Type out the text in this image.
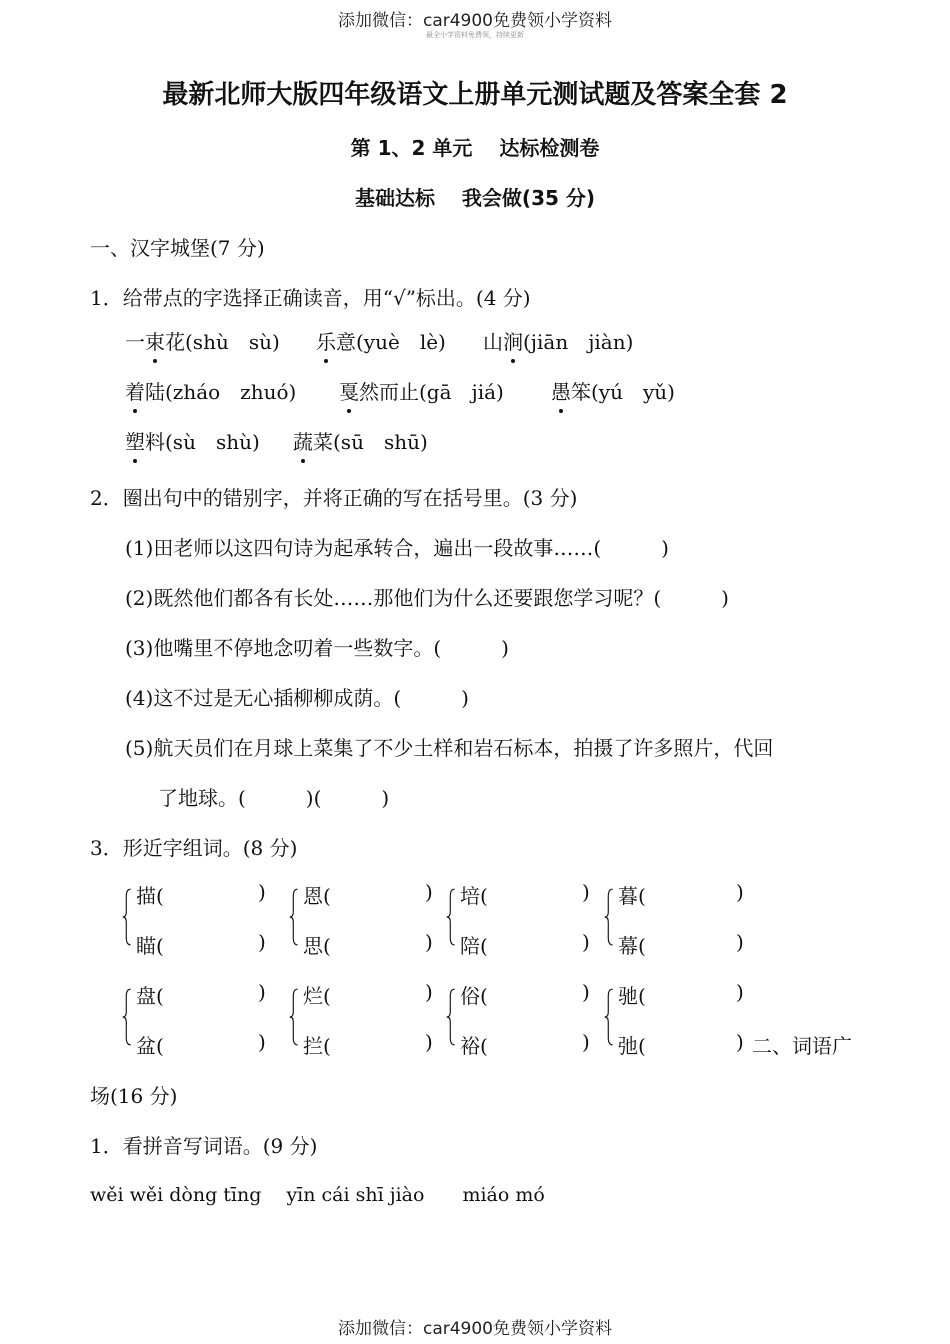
添加微信：car4900免费领小学资料
最全小学资料免费领，持续更新
最新北师大版四年级语文上册单元测试题及答案全套 2
第 1、2 单元　 达标检测卷
基础达标　 我会做(35 分)
一、汉字城堡(7 分)
1．给带点的字选择正确读音，用“√”标出。(4 分)
一束花(shù　sù) 乐意(yuè　lè) 山涧(jiān　jiàn)
着陆(zháo　zhuó) 戛然而止(gā　jiá) 愚笨(yú　yǔ)
塑料(sù　shù) 蔬菜(sū　shū)
2．圈出句中的错别字，并将正确的写在括号里。(3 分)
(1)田老师以这四句诗为起承转合，遍出一段故事……(　　　)
(2)既然他们都各有长处……那他们为什么还要跟您学习呢？(　　　)
(3)他嘴里不停地念叨着一些数字。(　　　)
(4)这不过是无心插柳柳成荫。(　　　)
(5)航天员们在月球上菜集了不少土样和岩石标本，拍摄了许多照片，代回
了地球。(　　　)(　　　)
3．形近字组词。(8 分)
描(
瞄(
)
)
恩(
思(
)
)
培(
陪(
)
)
暮(
幕(
)
)
盘(
盆(
)
)
烂(
拦(
)
)
俗(
裕(
)
)
驰(
弛(
)
) 二、词语广
场(16 分)
1．看拼音写词语。(9 分)
wěi wěi dòng tīng　 yīn cái shī jiào　　miáo mó
添加微信：car4900免费领小学资料
